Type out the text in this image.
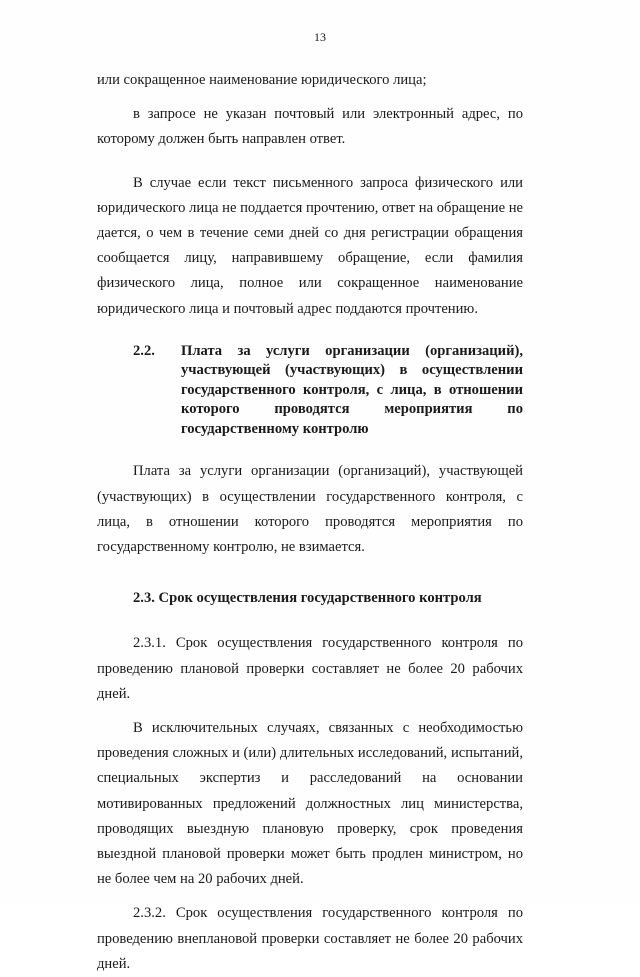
13

или сокращенное наименование юридического лица;

в запросе не указан почтовый или электронный адрес, по которому должен быть направлен ответ.

В случае если текст письменного запроса физического или юридического лица не поддается прочтению, ответ на обращение не дается, о чем в течение семи дней со дня регистрации обращения сообщается лицу, направившему обращение, если фамилия физического лица, полное или сокращенное наименование юридического лица и почтовый адрес поддаются прочтению.

2.2.	Плата за услуги организации (организаций), участвующей (участвующих) в осуществлении государственного контроля, с лица, в отношении которого проводятся мероприятия по государственному контролю

Плата за услуги организации (организаций), участвующей (участвующих) в осуществлении государственного контроля, с лица, в отношении которого проводятся мероприятия по государственному контролю, не взимается.

2.3. Срок осуществления государственного контроля

2.3.1. Срок осуществления государственного контроля по проведению плановой проверки составляет не более 20 рабочих дней.

В исключительных случаях, связанных с необходимостью проведения сложных и (или) длительных исследований, испытаний, специальных экспертиз и расследований на основании мотивированных предложений должностных лиц министерства, проводящих выездную плановую проверку, срок проведения выездной плановой проверки может быть продлен министром, но не более чем на 20 рабочих дней.

2.3.2. Срок осуществления государственного контроля по проведению внеплановой проверки составляет не более 20 рабочих дней.
